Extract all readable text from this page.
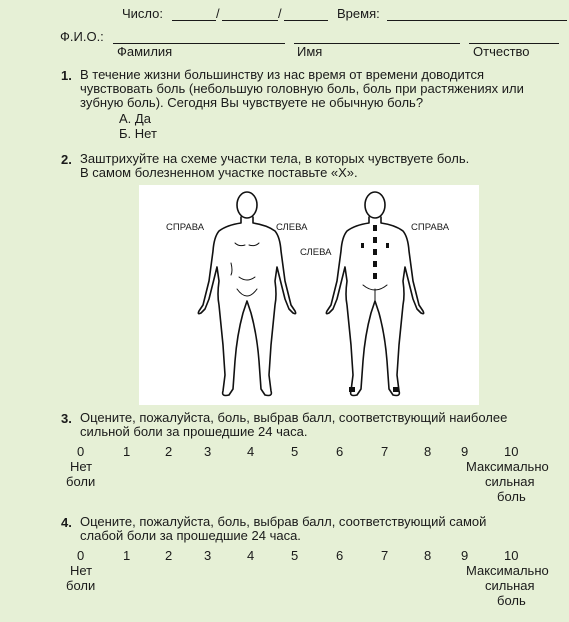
Число:	/	/	Время:
Ф.И.О.:
Фамилия	Имя	Отчество
1. В течение жизни большинству из нас время от времени доводится
чувствовать боль (небольшую головную боль, боль при растяжениях или
зубную боль). Сегодня Вы чувствуете не обычную боль?
А. Да
Б. Нет
2. Заштрихуйте на схеме участки тела, в которых чувствуете боль.
В самом болезненном участке поставьте «Х».
СПРАВА	СЛЕВА
СЛЕВА
СПРАВА
3. Оцените, пожалуйста, боль, выбрав балл, соответствующий наиболее
сильной боли за прошедшие 24 часа.
0	1	2 3	4	5	6	7	8 9	10
Нет
боли
Максимально
сильная
боль
4. Оцените, пожалуйста, боль, выбрав балл, соответствующий самой
слабой боли за прошедшие 24 часа.
0	1	2 3	4	5	6	7	8 9	10
Нет
боли
Максимально
сильная
боль
